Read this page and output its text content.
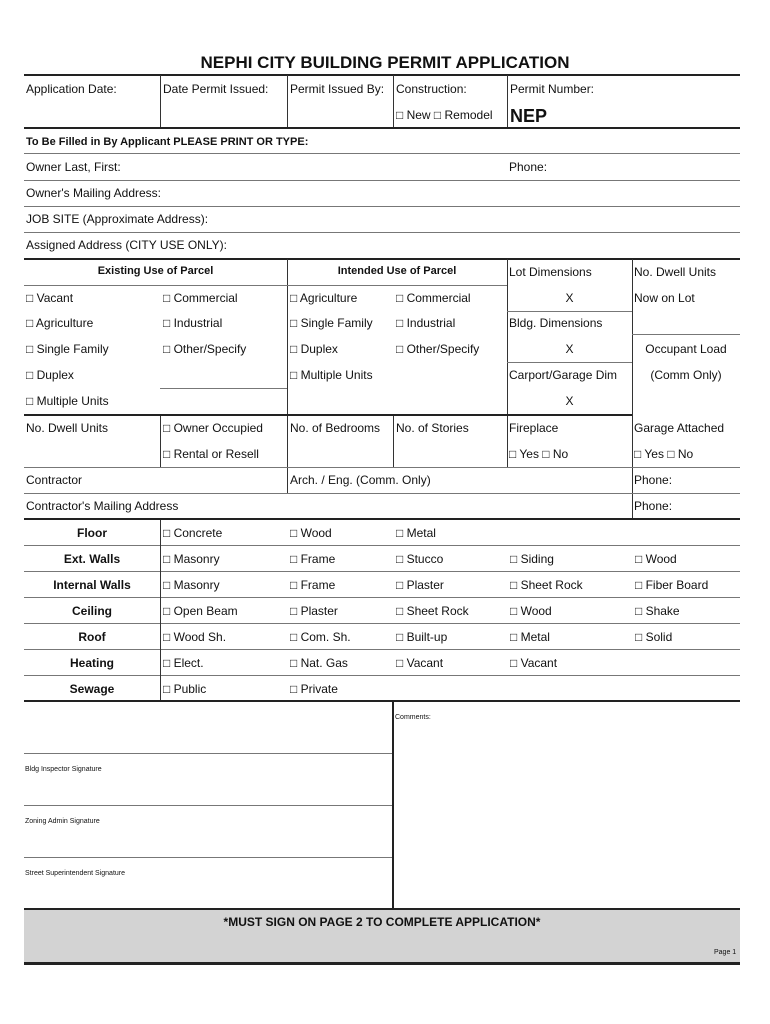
NEPHI CITY BUILDING PERMIT APPLICATION
Application Date:	Date Permit Issued: Permit Issued By: Construction:
□ New □ Remodel
Permit Number:
NEP
To Be Filled in By Applicant PLEASE PRINT OR TYPE:
Owner Last, First:	Phone:
Owner's Mailing Address:
JOB SITE (Approximate Address):
Assigned Address (CITY USE ONLY):
Existing Use of Parcel	Intended Use of Parcel
□ Vacant
□ Agriculture
□ Single Family
□ Duplex
□ Multiple Units
□ Commercial
□ Industrial
□ Other/Specify
□ Agriculture
□ Single Family
□ Duplex
□ Multiple Units
□ Commercial
□ Industrial
□ Other/Specify
Lot Dimensions
X
Bldg. Dimensions
X
Carport/Garage Dim
X
No. Dwell Units
Now on Lot
Occupant Load
(Comm Only)
No. Dwell Units	□ Owner Occupied
□ Rental or Resell
No. of Bedrooms No. of Stories	Fireplace
□ Yes □ No
Garage Attached
□ Yes □ No
Contractor	Arch. / Eng. (Comm. Only)	Phone:
Contractor's Mailing Address	Phone:
Floor	□ Concrete	□ Wood	□ Metal
Ext. Walls	□ Masonry	□ Frame	□ Stucco	□ Siding	□ Wood
Internal Walls	□ Masonry	□ Frame	□ Plaster	□ Sheet Rock	□ Fiber Board
Ceiling	□ Open Beam	□ Plaster	□ Sheet Rock	□ Wood	□ Shake
Roof	□ Wood Sh.	□ Com. Sh.	□ Built-up	□ Metal	□ Solid
Heating	□ Elect.	□ Nat. Gas	□ Vacant	□ Vacant
Sewage	□ Public	□ Private
Comments:
Bldg Inspector Signature
Zoning Admin Signature
Street Superintendent Signature
*MUST SIGN ON PAGE 2 TO COMPLETE APPLICATION*
Page 1
